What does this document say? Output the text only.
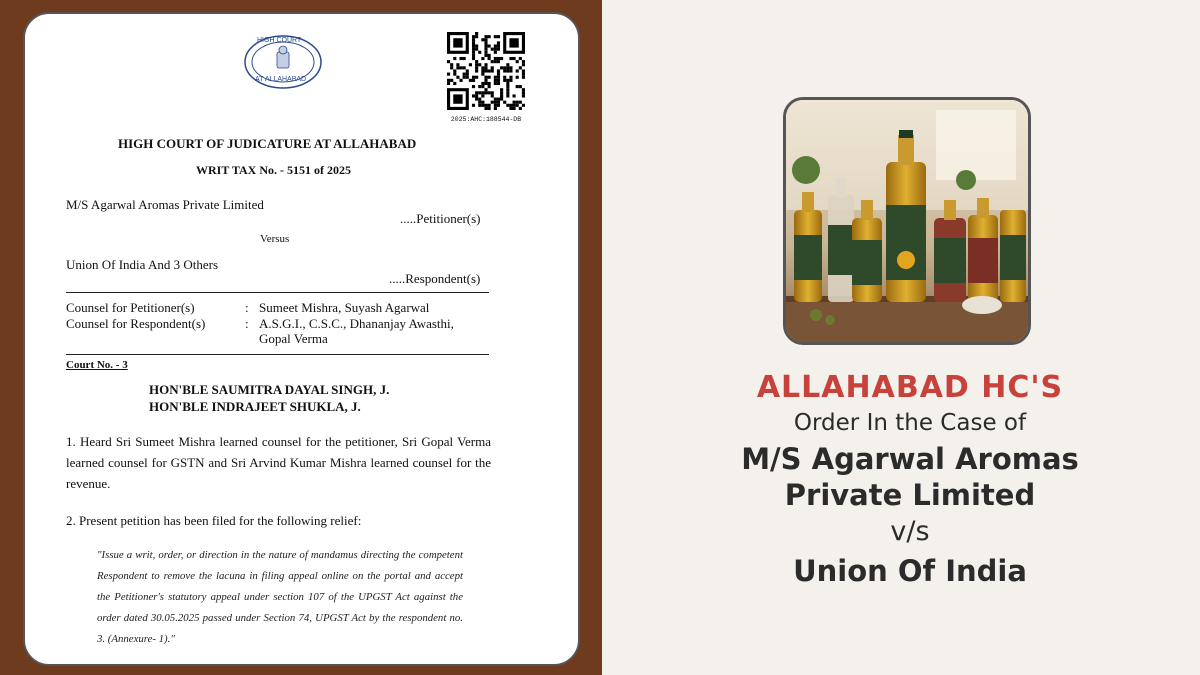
HIGH COURT
AT ALLAHABAD
2025:AHC:188544-DB
HIGH COURT OF JUDICATURE AT ALLAHABAD
WRIT TAX No. - 5151 of 2025
M/S Agarwal Aromas Private Limited
.....Petitioner(s)
Versus
Union Of India And 3 Others
.....Respondent(s)
Counsel for Petitioner(s)	: Sumeet Mishra, Suyash Agarwal
Counsel for Respondent(s)	: A.S.G.I., C.S.C., Dhananjay Awasthi,
Gopal Verma
Court No. - 3
HON'BLE SAUMITRA DAYAL SINGH, J.
HON'BLE INDRAJEET SHUKLA, J.
1. Heard Sri Sumeet Mishra learned counsel for the petitioner, Sri Gopal Verma learned counsel for GSTN and Sri Arvind Kumar Mishra learned counsel for the revenue.
2. Present petition has been filed for the following relief:
"Issue a writ, order, or direction in the nature of mandamus directing the competent Respondent to remove the lacuna in filing appeal online on the portal and accept the Petitioner's statutory appeal under section 107 of the UPGST Act against the order dated 30.05.2025 passed under Section 74, UPGST Act by the respondent no. 3. (Annexure- 1)."
ALLAHABAD HC'S
Order In the Case of
M/S Agarwal Aromas
Private Limited
v/s
Union Of India
